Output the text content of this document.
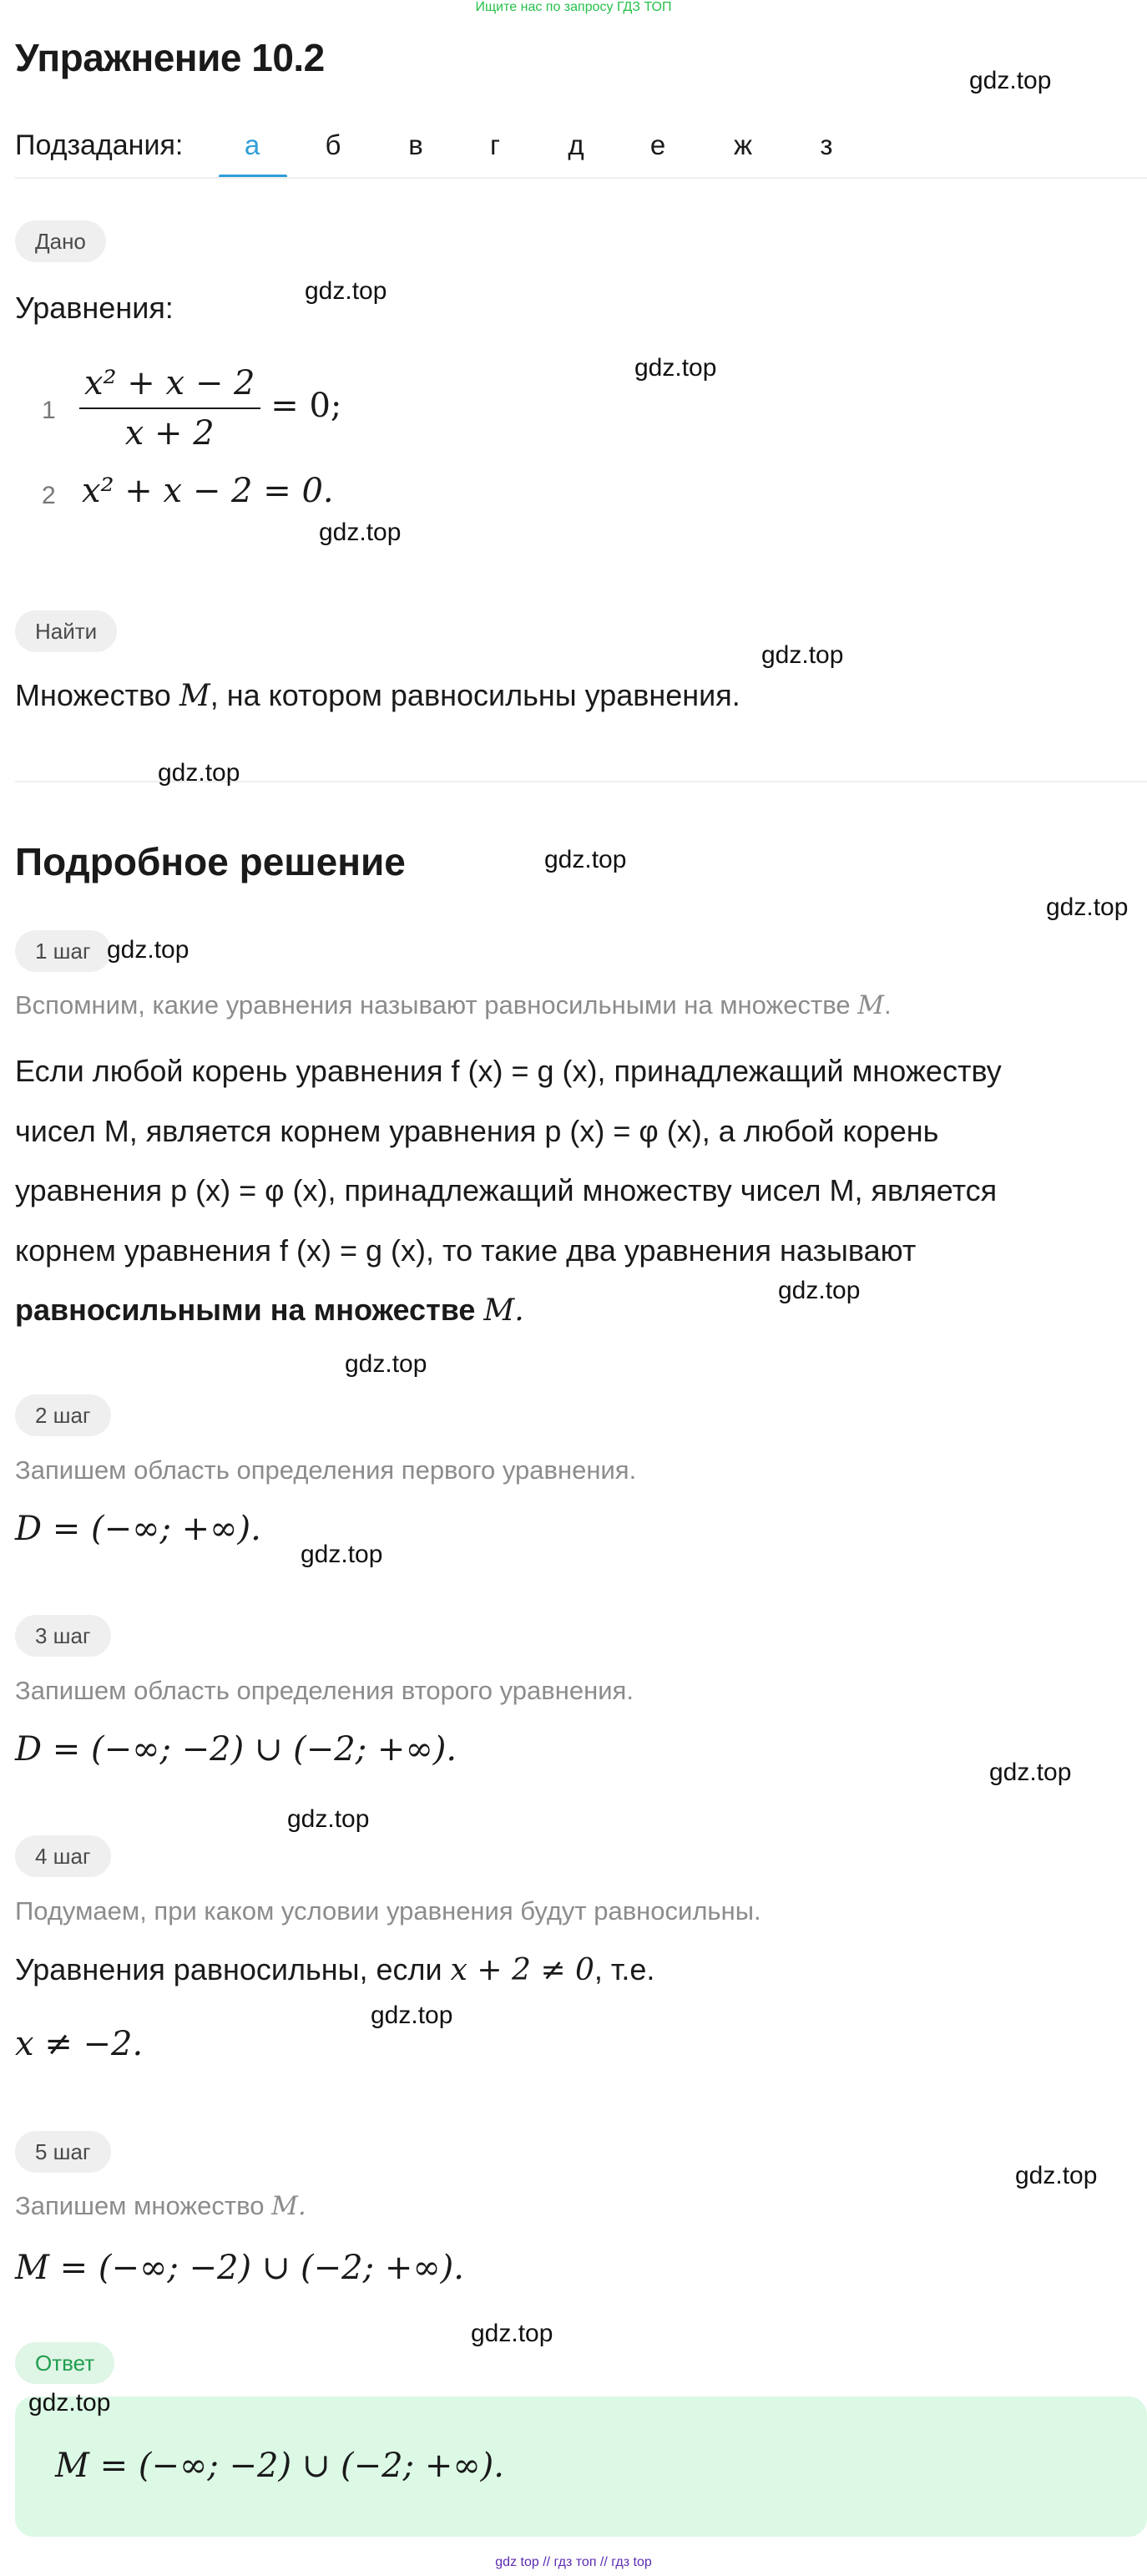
Ищите нас по запросу ГДЗ ТОП
Упражнение 10.2
Подзадания:	а	б	в	г	д	е	ж	з
Дано
Уравнения:
$1 \frac{\text{x² + x − 2}}{x + 2} = 0$;
2 x² + x − 2 = 0.
Найти
Множество M, на котором равносильны уравнения.
Подробное решение
1 шаг
Вспомним, какие уравнения называют равносильными на множестве M.
Если любой корень уравнения f (x) = g (x), принадлежащий множеству
чисел M, является корнем уравнения p (x) = φ (x), а любой корень
уравнения p (x) = φ (x), принадлежащий множеству чисел M, является
корнем уравнения f (x) = g (x), то такие два уравнения называют
равносильными на множестве M.
2 шаг
Запишем область определения первого уравнения.
D = (−∞; +∞).
3 шаг
Запишем область определения второго уравнения.
D = (−∞; −2) ∪ (−2; +∞).
4 шаг
Подумаем, при каком условии уравнения будут равносильны.
Уравнения равносильны, если x + 2 ≠ 0, т.е.
x ≠ −2.
5 шаг
Запишем множество M.
M = (−∞; −2) ∪ (−2; +∞).
Ответ
M = (−∞; −2) ∪ (−2; +∞).
gdz.top
gdz.top
gdz.top
gdz.top
gdz.top
gdz.top
gdz.top
gdz.top
gdz.top
gdz.top
gdz.top
gdz.top
gdz.top
gdz.top
gdz.top
gdz.top
gdz.top
gdz.top
gdz top // гдз топ // гдз top
